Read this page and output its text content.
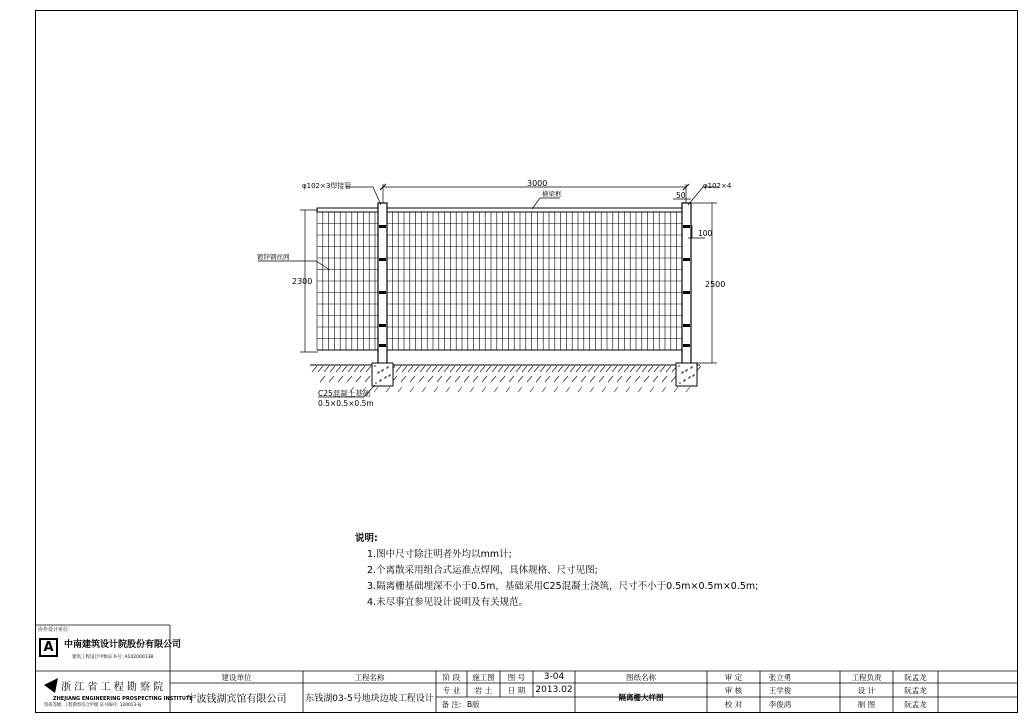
φ102×3焊接管	φ102×4
3000
50
100
横梁框
镀锌钢丝网
2300	2500
C25混凝土基础
0.5×0.5×0.5m
说明:
1.图中尺寸除注明者外均以mm计;
2.个离散采用组合式运准点焊网，具体规格、尺寸见图;
3.隔离栅基础埋深不小于0.5m，基础采用C25混凝土浇筑，尺寸不小于0.5m×0.5m×0.5m;
4.未尽事宜参见设计说明及有关规范。
协作设计单位:
A	中南建筑设计院股份有限公司
建筑工程设计甲级证书号: A142000138
浙 江 省 工 程 勘 察 院
ZHEJIANG ENGINEERING PROSPECTING INSTITUTE
资质等级: 工程勘察综合甲级 证书编号: 120013-kj
建设单位
宁波钱湖宾馆有限公司
工程名称
东钱湖03-5号地块边坡工程设计
阶 段	施工图	图 号	3-04
专 业	岩 土	日 期	2013.02
备 注: B版
图纸名称
隔离栅大样图
审 定	张立勇
审 核	王学俊
校 对	李俊鸿
工程负责	阮孟龙
设 计	阮孟龙
制 图	阮孟龙
